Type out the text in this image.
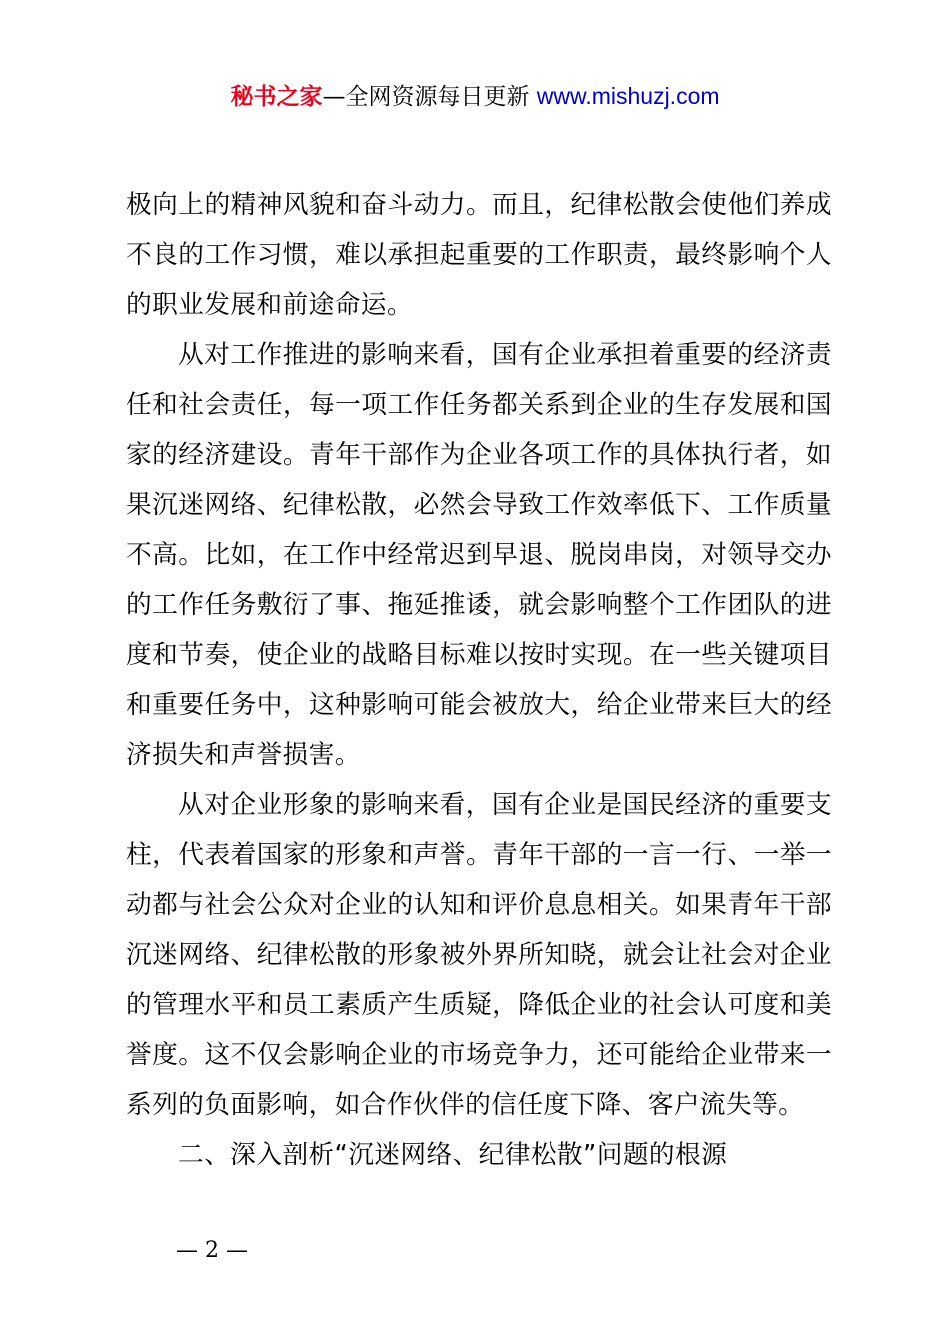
秘书之家—全网资源每日更新 www.mishuzj.com

极向上的精神风貌和奋斗动力。而且，纪律松散会使他们养成不良的工作习惯，难以承担起重要的工作职责，最终影响个人的职业发展和前途命运。

从对工作推进的影响来看，国有企业承担着重要的经济责任和社会责任，每一项工作任务都关系到企业的生存发展和国家的经济建设。青年干部作为企业各项工作的具体执行者，如果沉迷网络、纪律松散，必然会导致工作效率低下、工作质量不高。比如，在工作中经常迟到早退、脱岗串岗，对领导交办的工作任务敷衍了事、拖延推诿，就会影响整个工作团队的进度和节奏，使企业的战略目标难以按时实现。在一些关键项目和重要任务中，这种影响可能会被放大，给企业带来巨大的经济损失和声誉损害。

从对企业形象的影响来看，国有企业是国民经济的重要支柱，代表着国家的形象和声誉。青年干部的一言一行、一举一动都与社会公众对企业的认知和评价息息相关。如果青年干部沉迷网络、纪律松散的形象被外界所知晓，就会让社会对企业的管理水平和员工素质产生质疑，降低企业的社会认可度和美誉度。这不仅会影响企业的市场竞争力，还可能给企业带来一系列的负面影响，如合作伙伴的信任度下降、客户流失等。

二、深入剖析“沉迷网络、纪律松散”问题的根源

— 2 —
